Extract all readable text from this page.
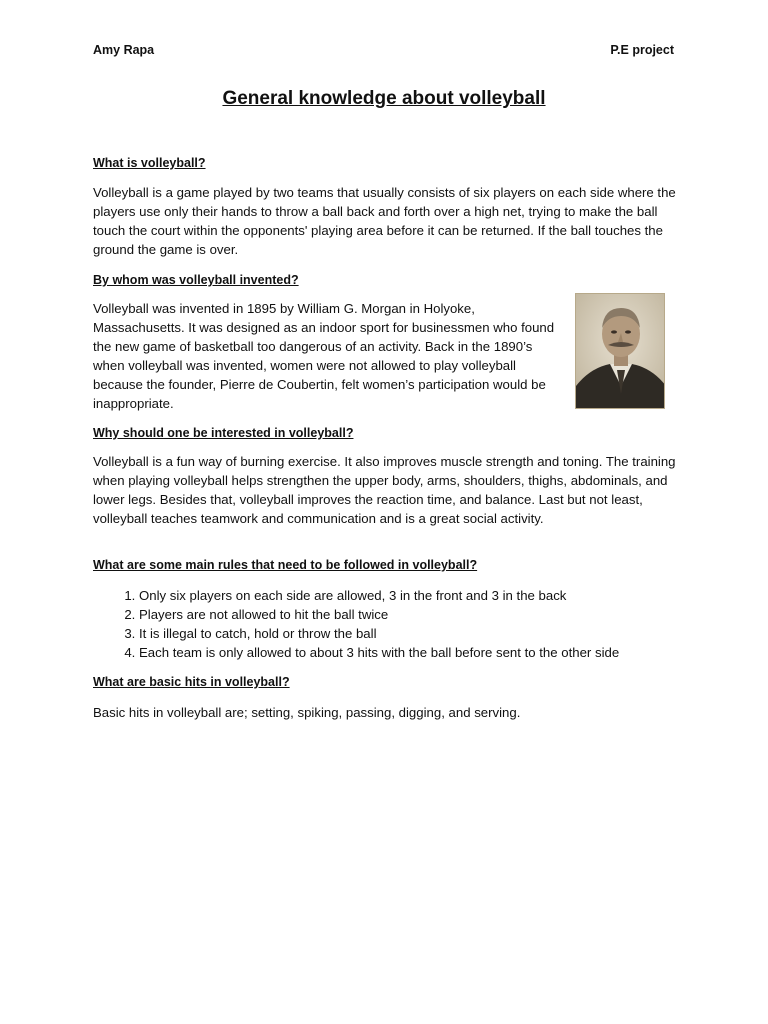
Amy Rapa	P.E project
General knowledge about volleyball
What is volleyball?

Volleyball is a game played by two teams that usually consists of six players on each side where the players use only their hands to throw a ball back and forth over a high net, trying to make the ball touch the court within the opponents' playing area before it can be returned. If the ball touches the ground the game is over.

By whom was volleyball invented?

Volleyball was invented in 1895 by William G. Morgan in Holyoke, Massachusetts. It was designed as an indoor sport for businessmen who found the new game of basketball too dangerous of an activity. Back in the 1890’s when volleyball was invented, women were not allowed to play volleyball because the founder, Pierre de Coubertin, felt women’s participation would be inappropriate.

Why should one be interested in volleyball?

Volleyball is a fun way of burning exercise. It also improves muscle strength and toning. The training when playing volleyball helps strengthen the upper body, arms, shoulders, thighs, abdominals, and lower legs. Besides that, volleyball improves the reaction time, and balance. Last but not least, volleyball teaches teamwork and communication and is a great social activity.

What are some main rules that need to be followed in volleyball?
1. Only six players on each side are allowed, 3 in the front and 3 in the back
2. Players are not allowed to hit the ball twice
3. It is illegal to catch, hold or throw the ball
4. Each team is only allowed to about 3 hits with the ball before sent to the other side
What are basic hits in volleyball?

Basic hits in volleyball are; setting, spiking, passing, digging, and serving.
